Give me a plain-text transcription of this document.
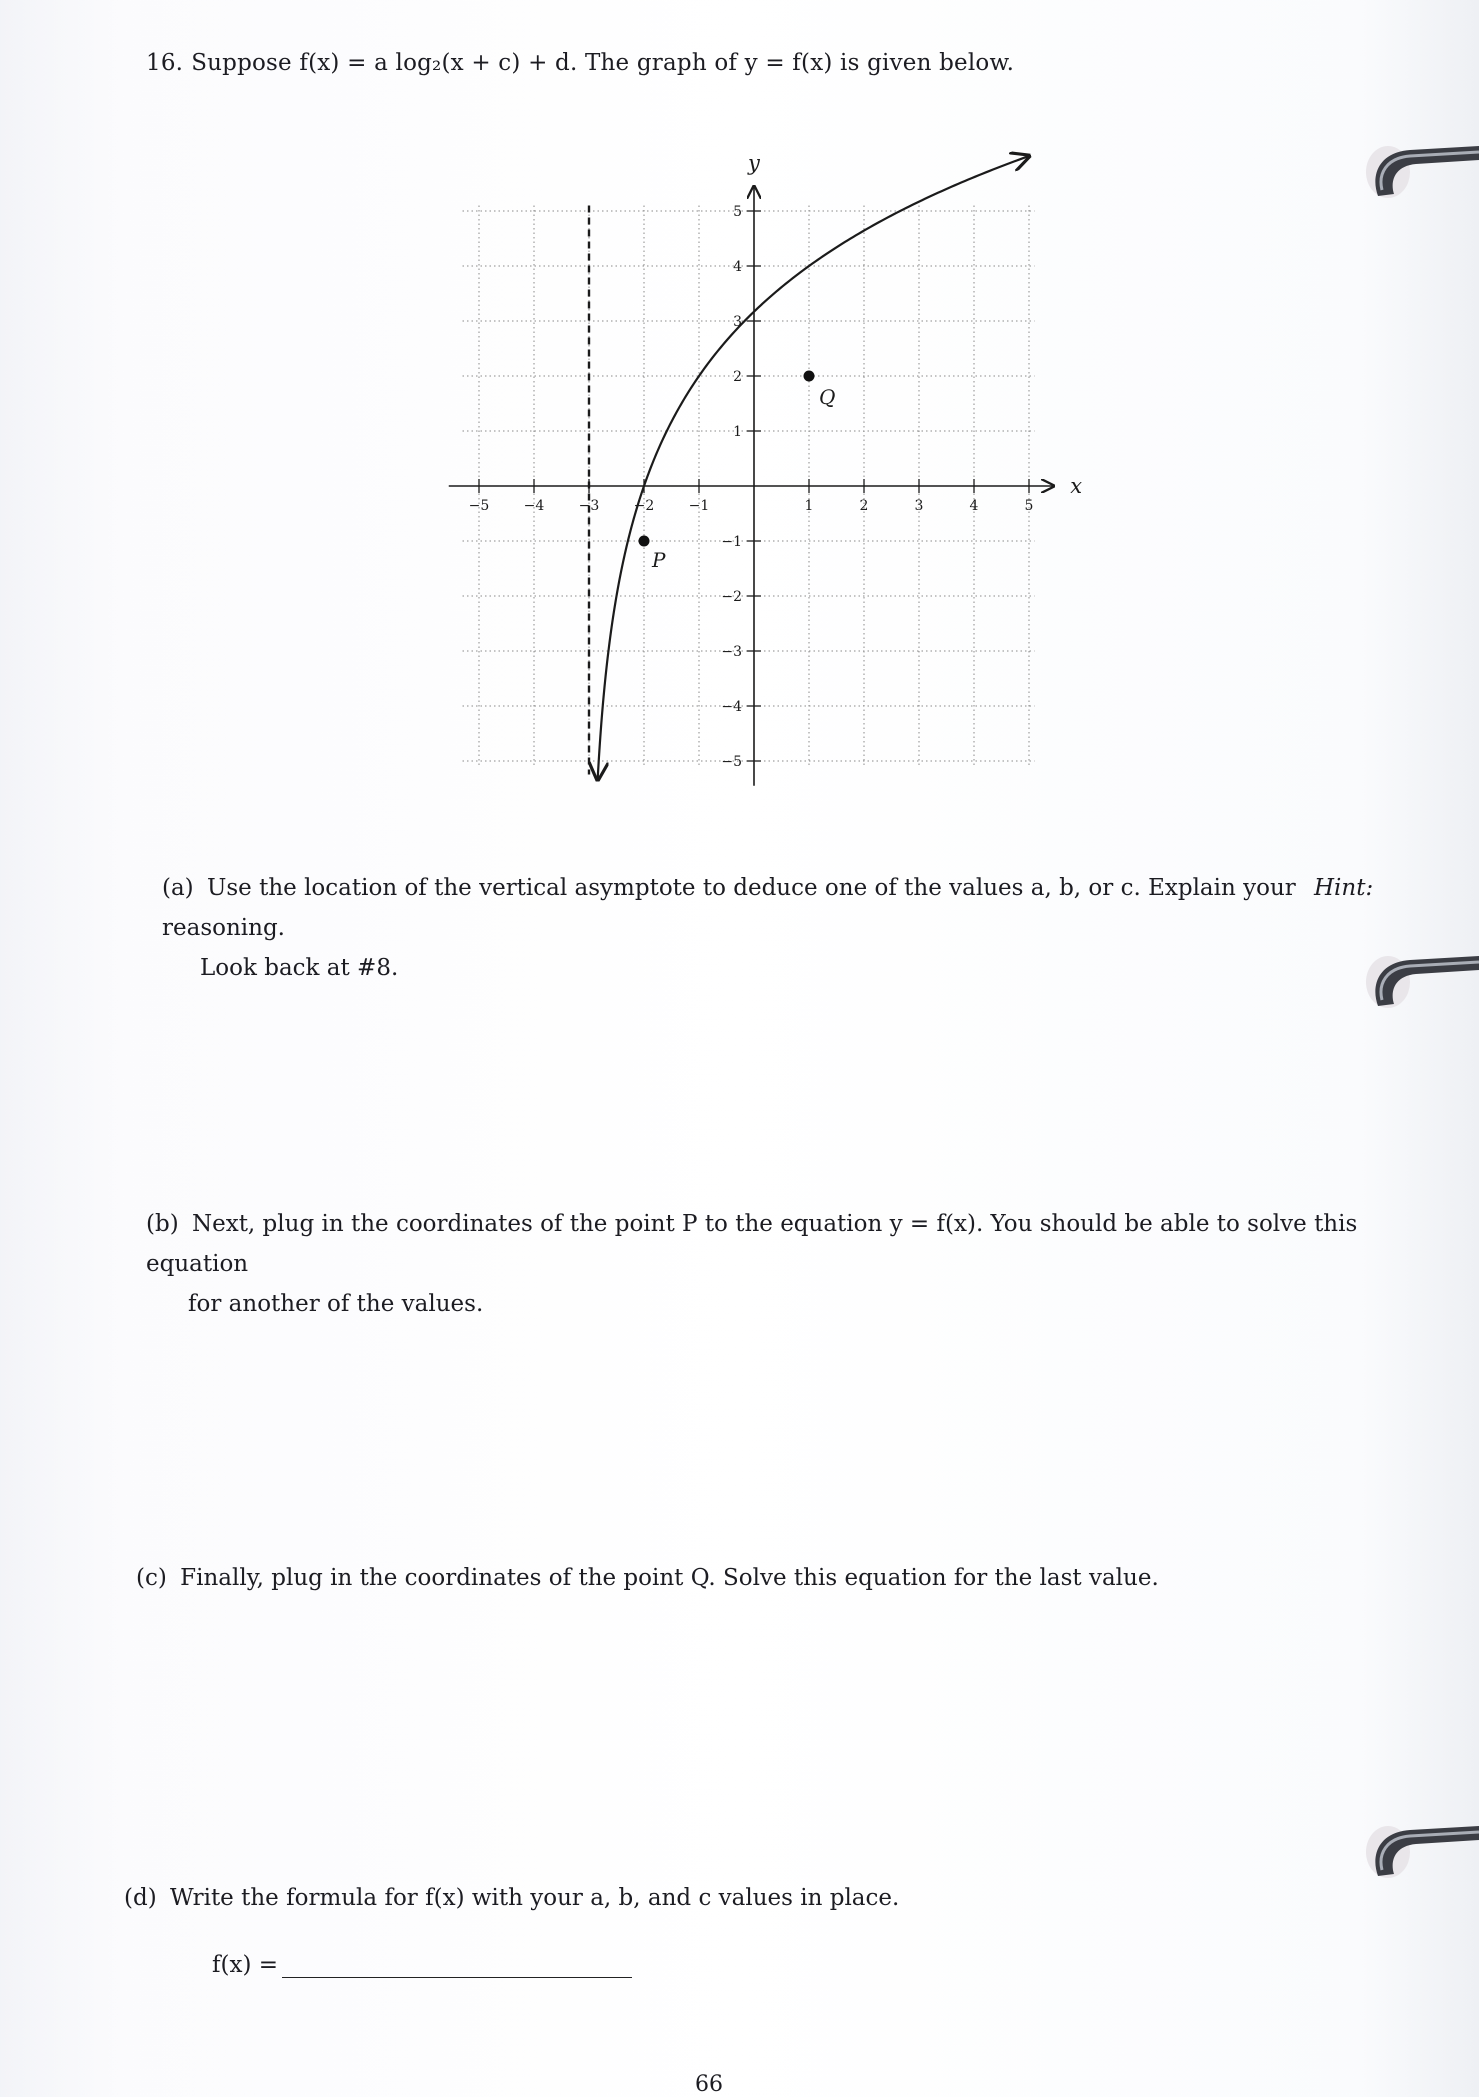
16. Suppose f(x) = a log₂(x + c) + d. The graph of y = f(x) is given below.
x
y
−5 −4 −3 −2 −1	1	2	3	4	5
−5
−4
−3
−2
−1
1
2
3
4
5
P
Q
(a) Use the location of the vertical asymptote to deduce one of the values a, b, or c. Explain your reasoning.
Hint:
Look back at #8.
(b) Next, plug in the coordinates of the point P to the equation y = f(x). You should be able to solve this equation
for another of the values.
(c) Finally, plug in the coordinates of the point Q. Solve this equation for the last value.
(d) Write the formula for f(x) with your a, b, and c values in place.
f(x) =
66
